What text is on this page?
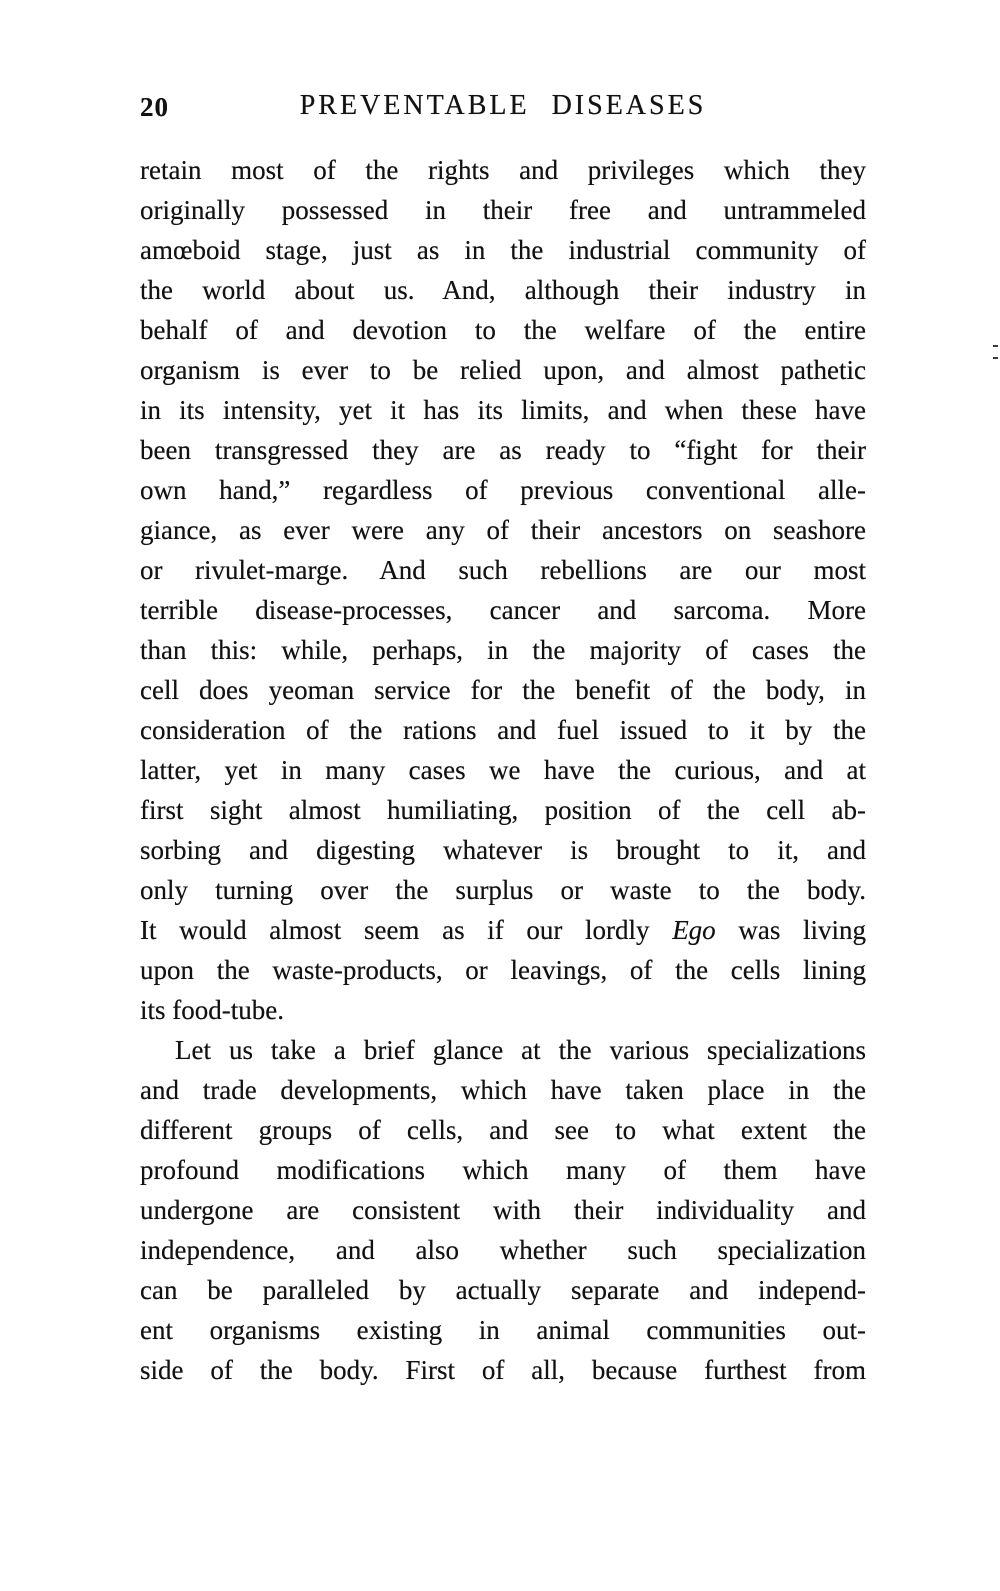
20	PREVENTABLE DISEASES
retain most of the rights and privileges which they
originally possessed in their free and untrammeled
amœboid stage, just as in the industrial community of
the world about us. And, although their industry in
behalf of and devotion to the welfare of the entire
organism is ever to be relied upon, and almost pathetic
in its intensity, yet it has its limits, and when these have
been transgressed they are as ready to “fight for their
own hand,” regardless of previous conventional alle-
giance, as ever were any of their ancestors on seashore
or rivulet-marge. And such rebellions are our most
terrible disease-processes, cancer and sarcoma. More
than this: while, perhaps, in the majority of cases the
cell does yeoman service for the benefit of the body, in
consideration of the rations and fuel issued to it by the
latter, yet in many cases we have the curious, and at
first sight almost humiliating, position of the cell ab-
sorbing and digesting whatever is brought to it, and
only turning over the surplus or waste to the body.
It would almost seem as if our lordly Ego was living
upon the waste-products, or leavings, of the cells lining
its food-tube.
Let us take a brief glance at the various specializations
and trade developments, which have taken place in the
different groups of cells, and see to what extent the
profound modifications which many of them have
undergone are consistent with their individuality and
independence, and also whether such specialization
can be paralleled by actually separate and independ-
ent organisms existing in animal communities out-
side of the body. First of all, because furthest from
